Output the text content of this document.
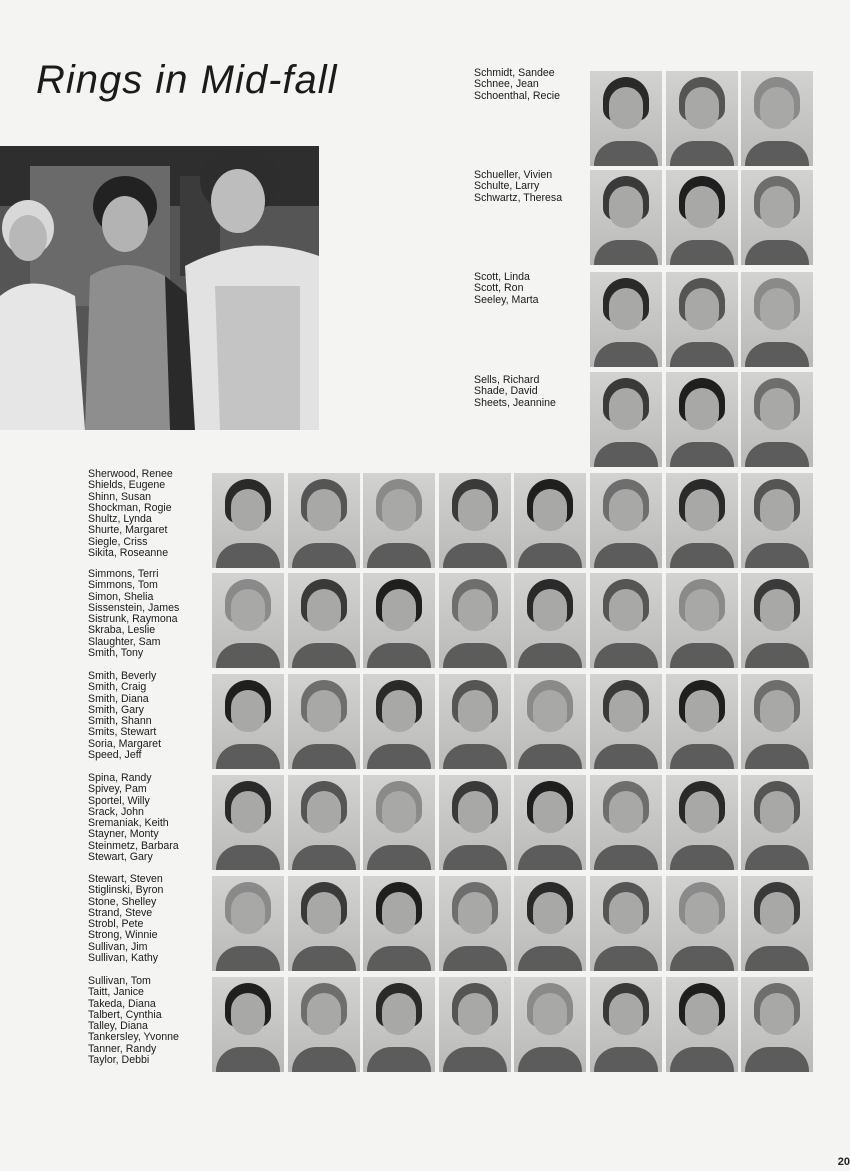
Rings in Mid-fall	Schmidt, Sandee
Schnee, Jean
Schoenthal, Recie
Schueller, Vivien
Schulte, Larry
Schwartz, Theresa
Scott, Linda
Scott, Ron
Seeley, Marta
Sells, Richard
Shade, David
Sheets, Jeannine
Sherwood, Renee
Shields, Eugene
Shinn, Susan
Shockman, Rogie
Shultz, Lynda
Shurte, Margaret
Siegle, Criss
Sikita, Roseanne
Simmons, Terri
Simmons, Tom
Simon, Shelia
Sissenstein, James
Sistrunk, Raymona
Skraba, Leslie
Slaughter, Sam
Smith, Tony
Smith, Beverly
Smith, Craig
Smith, Diana
Smith, Gary
Smith, Shann
Smits, Stewart
Soria, Margaret
Speed, Jeff
Spina, Randy
Spivey, Pam
Sportel, Willy
Srack, John
Sremaniak, Keith
Stayner, Monty
Steinmetz, Barbara
Stewart, Gary
Stewart, Steven
Stiglinski, Byron
Stone, Shelley
Strand, Steve
Strobl, Pete
Strong, Winnie
Sullivan, Jim
Sullivan, Kathy
Sullivan, Tom
Taitt, Janice
Takeda, Diana
Talbert, Cynthia
Talley, Diana
Tankersley, Yvonne
Tanner, Randy
Taylor, Debbi
20
